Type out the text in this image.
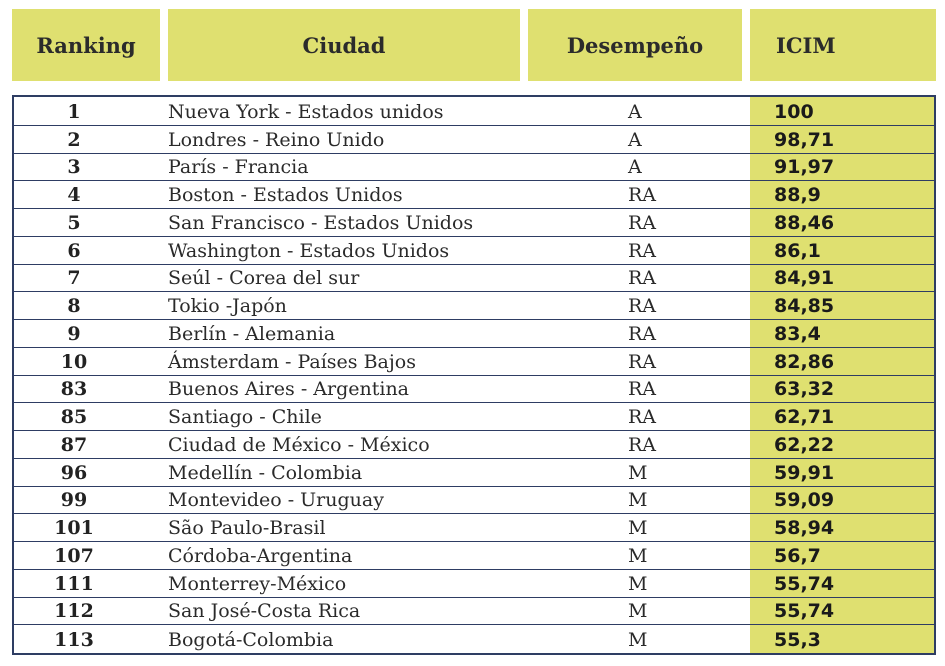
Ranking	Ciudad	Desempeño	ICIM
1	Nueva York - Estados unidos	A	100
2	Londres - Reino Unido	A	98,71
3	París - Francia	A	91,97
4	Boston - Estados Unidos	RA	88,9
5	San Francisco - Estados Unidos	RA	88,46
6	Washington - Estados Unidos	RA	86,1
7	Seúl - Corea del sur	RA	84,91
8	Tokio -Japón	RA	84,85
9	Berlín - Alemania	RA	83,4
10	Ámsterdam - Países Bajos	RA	82,86
83	Buenos Aires - Argentina	RA	63,32
85	Santiago - Chile	RA	62,71
87	Ciudad de México - México	RA	62,22
96	Medellín - Colombia	M	59,91
99	Montevideo - Uruguay	M	59,09
101	São Paulo-Brasil	M	58,94
107	Córdoba-Argentina	M	56,7
111	Monterrey-México	M	55,74
112	San José-Costa Rica	M	55,74
113	Bogotá-Colombia	M	55,3
